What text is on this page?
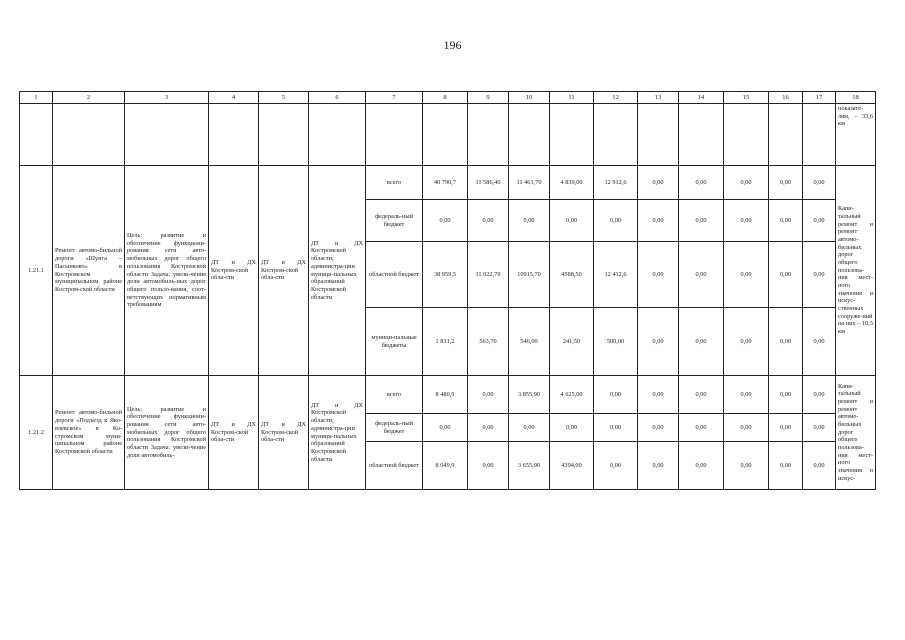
196
1	2	3	4	5	6	7	8	9	10	11	12	13	14	15	16	17	18
																	показате-лям, – 33,6 км
1.21.1	Ремонт автомо-бильной дороги «Шунга – Пасынково» в Костромском муниципальном районе Костром-ской области	Цель: развитие и обеспечение функциони-рования сети авто-мобильных дорог общего пользования Костромской области Задача: увели-чение доли автомобиль-ных дорог общего пользо-вания, соот-ветствующих нормативным требованиям	ДТ и ДХ Костром-ской обла-сти	ДТ и ДХ Костром-ской обла-сти	ДТ и ДХ Костромской области, администра-ции муници-пальных образований Костромской области	всего	40 790,7	11 586,40	11 461,70	4 839,00	12 912,6	0,00	0,00	0,00	0,00	0,00	Капи-тальный ремонт и ремонт автомо-бильных дорог общего пользова-ния мест-ного значения и искус-ственных сооруже-ний на них – 10,5 км
						федераль-ный бюджет	0,00	0,00	0,00	0,00	0,00	0,00	0,00	0,00	0,00	0,00	
						областной бюджет	38 959,5	11 022,70	10915,70	4588,50	12 412,6	0,00	0,00	0,00	0,00	0,00	
						муници-пальные бюджеты	1 831,2	563,70	546,00	241,50	500,00	0,00	0,00	0,00	0,00	0,00	
1.21.2	Ремонт автомо-бильной дороги «Подъезд к Яко-влевское» в Ко-стромском муни-ципальном районе Костромской области	Цель: развитие и обеспечение функциони-рования сети авто-мобильных дорог общего пользования Костромской области Задача: увели-чение доли автомобиль-	ДТ и ДХ Костром-ской обла-сти	ДТ и ДХ Костром-ской обла-сти	ДТ и ДХ Костромской области, администра-ции муници-пальных образований Костромской области	всего	8 480,9	0,00	3 855,90	4 625,00	0,00	0,00	0,00	0,00	0,00	0,00	Капи-тальный ремонт и ремонт автомо-бильных дорог общего пользова-ния мест-ного значения и искус-
						федераль-ный бюджет	0,00	0,00	0,00	0,00	0,00	0,00	0,00	0,00	0,00	0,00	
						областной бюджет	8 049,9	0,00	3 655,90	4394,00	0,00	0,00	0,00	0,00	0,00	0,00	
